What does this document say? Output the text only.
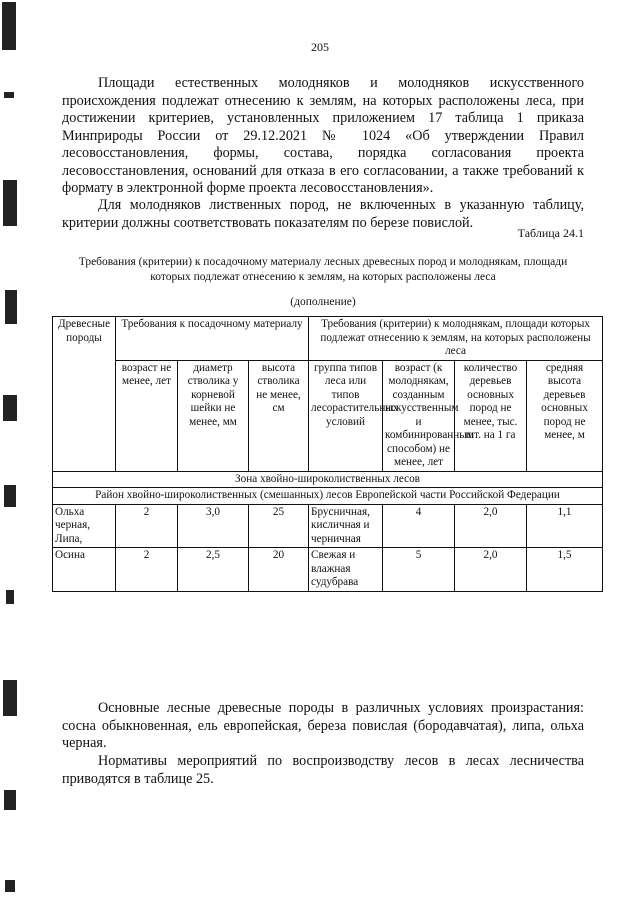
205

Площади естественных молодняков и молодняков искусственного происхождения подлежат отнесению к землям, на которых расположены леса, при достижении критериев, установленных приложением 17 таблица 1 приказа Минприроды России от 29.12.2021 № 1024 «Об утверждении Правил лесовосстановления, формы, состава, порядка согласования проекта лесовосстановления, оснований для отказа в его согласовании, а также требований к формату в электронной форме проекта лесовосстановления».

Для молодняков лиственных пород, не включенных в указанную таблицу, критерии должны соответствовать показателям по березе повислой.

Таблица 24.1
Требования (критерии) к посадочному материалу лесных древесных пород и молоднякам, площади которых подлежат отнесению к землям, на которых расположены леса
(дополнение)
Древесные породы	Требования к посадочному материалу			Требования (критерии) к молоднякам, площади которых подлежат отнесению к землям, на которых расположены леса			
	возраст не менее, лет	диаметр стволика у корневой шейки не менее, мм	высота стволика не менее, см	группа типов леса или типов лесорастительных условий	возраст (к молоднякам, созданным искусственным и комбинированным способом) не менее, лет	количество деревьев основных пород не менее, тыс. шт. на 1 га	средняя высота деревьев основных пород не менее, м
Зона хвойно-широколиственных лесов							
Район хвойно-широколиственных (смешанных) лесов Европейской части Российской Федерации							
Ольха черная, Липа,	2	3,0	25	Брусничная, кисличная и черничная	4	2,0	1,1
Осина	2	2,5	20	Свежая и влажная судубрава	5	2,0	1,5

Основные лесные древесные породы в различных условиях произрастания: сосна обыкновенная, ель европейская, береза повислая (бородавчатая), липа, ольха черная.

Нормативы мероприятий по воспроизводству лесов в лесах лесничества приводятся в таблице 25.
